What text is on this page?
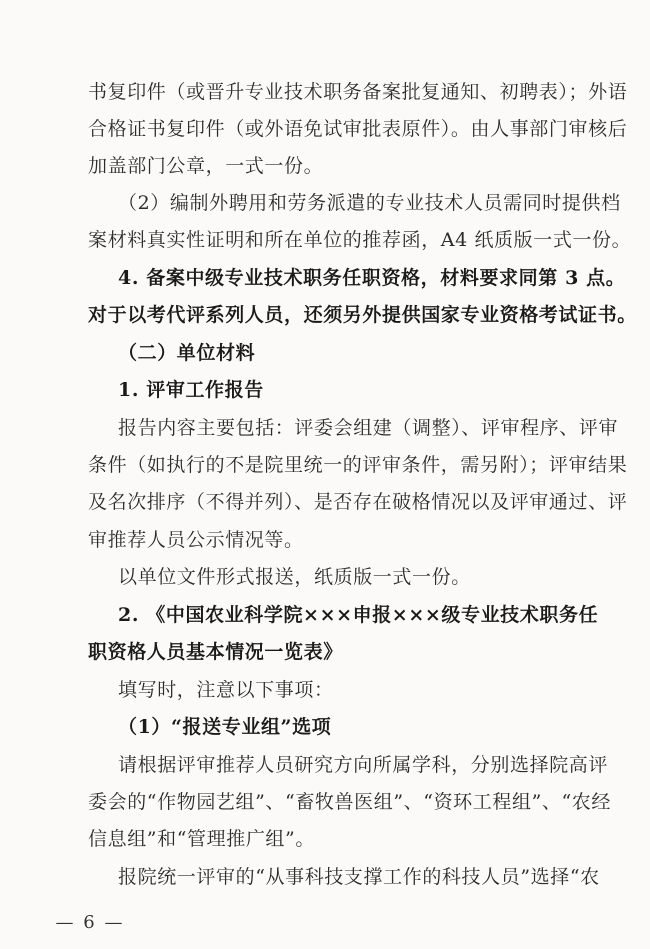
书复印件（或晋升专业技术职务备案批复通知、初聘表）；外语
合格证书复印件（或外语免试审批表原件）。由人事部门审核后
加盖部门公章，一式一份。
（2）编制外聘用和劳务派遣的专业技术人员需同时提供档
案材料真实性证明和所在单位的推荐函，A4 纸质版一式一份。
4. 备案中级专业技术职务任职资格，材料要求同第 3 点。
对于以考代评系列人员，还须另外提供国家专业资格考试证书。
（二）单位材料
1. 评审工作报告
报告内容主要包括：评委会组建（调整）、评审程序、评审
条件（如执行的不是院里统一的评审条件，需另附）；评审结果
及名次排序（不得并列）、是否存在破格情况以及评审通过、评
审推荐人员公示情况等。
以单位文件形式报送，纸质版一式一份。
2. 《中国农业科学院×××申报×××级专业技术职务任
职资格人员基本情况一览表》
填写时，注意以下事项：
（1）“报送专业组”选项
请根据评审推荐人员研究方向所属学科，分别选择院高评
委会的“作物园艺组”、“畜牧兽医组”、“资环工程组”、“农经
信息组”和“管理推广组”。
报院统一评审的“从事科技支撑工作的科技人员”选择“农
— 6 —
